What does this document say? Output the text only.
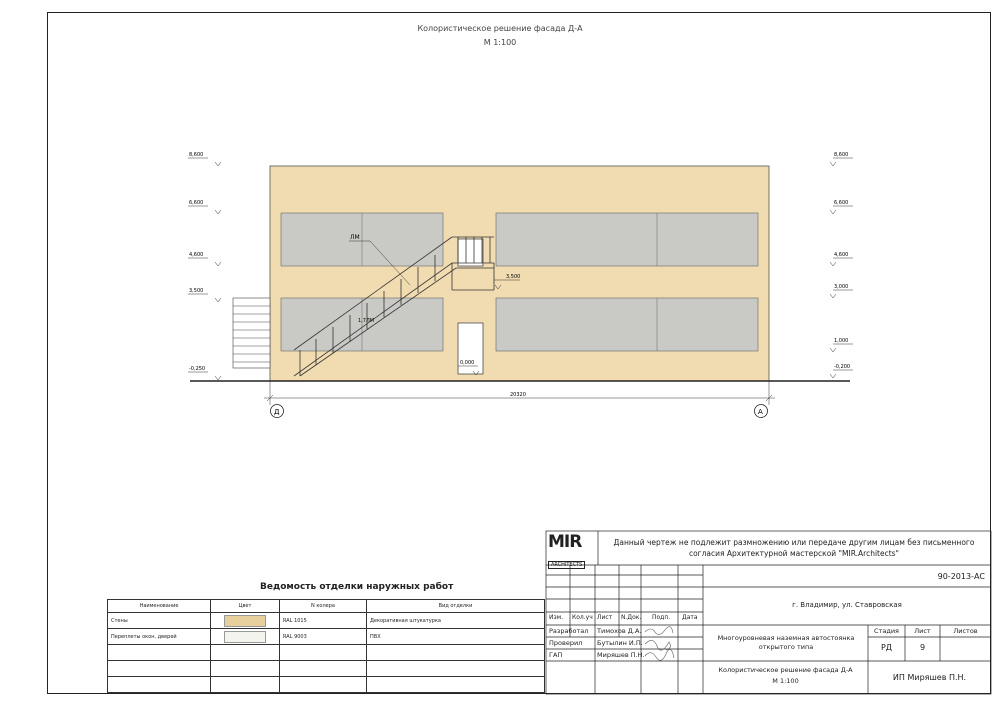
Колористическое решение фасада Д-А
М 1:100
ЛМ
1,7ЛМ
3,500
0,000
8,600
6,600
4,600
3,500
-0,250
8,600
6,600
4,600
3,000
1,000
-0,200
20320
Д	А
Ведомость отделки наружных работ
Наименование	Цвет	N колера	Вид отделки
Стены		RAL 1015	Декоративная штукатурка
Переплеты окон, дверей		RAL 9003	ПВХ

MIR
ARCHITECTS
Данный чертеж не подлежит размножению или передаче другим лицам без письменного согласия Архитектурной мастерской "MIR.Architects"
90-2013-АС
г. Владимир, ул. Ставровская
Изм. Кол.уч Лист N.Док. Подп. Дата
Разработал Тимохов Д.А.
Проверил Бутылин И.П.
ГАП	Миряшев П.Н.
Многоуровневая наземная автостоянка открытого типа
Стадия	Лист	Листов
РД	9
Колористическое решение фасада Д-А
М 1:100	ИП Миряшев П.Н.
